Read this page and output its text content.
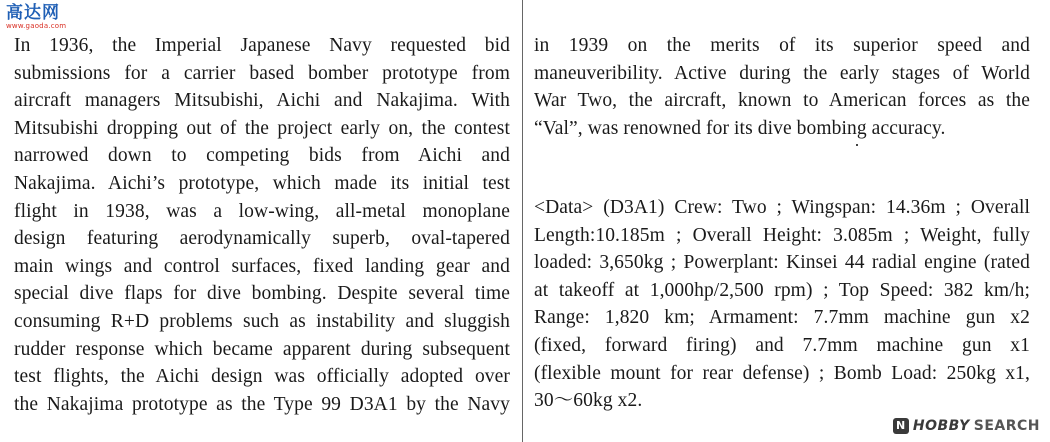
高达网
www.gaoda.com
In 1936, the Imperial Japanese Navy requested bid
submissions for a carrier based bomber prototype from
aircraft managers Mitsubishi, Aichi and Nakajima. With
Mitsubishi dropping out of the project early on, the contest
narrowed down to competing bids from Aichi and
Nakajima. Aichi’s prototype, which made its initial test
flight in 1938, was a low-wing, all-metal monoplane
design featuring aerodynamically superb, oval-tapered
main wings and control surfaces, fixed landing gear and
special dive flaps for dive bombing. Despite several time
consuming R+D problems such as instability and sluggish
rudder response which became apparent during subsequent
test flights, the Aichi design was officially adopted over
the Nakajima prototype as the Type 99 D3A1 by the Navy
in 1939 on the merits of its superior speed and
maneuveribility. Active during the early stages of World
War Two, the aircraft, known to American forces as the
“Val”, was renowned for its dive bombing accuracy.
<Data> (D3A1) Crew: Two ; Wingspan: 14.36m ; Overall
Length:10.185m ; Overall Height: 3.085m ; Weight, fully
loaded: 3,650kg ; Powerplant: Kinsei 44 radial engine (rated
at takeoff at 1,000hp/2,500 rpm) ; Top Speed: 382 km/h;
Range: 1,820 km; Armament: 7.7mm machine gun x2
(fixed, forward firing) and 7.7mm machine gun x1
(flexible mount for rear defense) ; Bomb Load: 250kg x1,
30〜60kg x2.
N HOBBY SEARCH
